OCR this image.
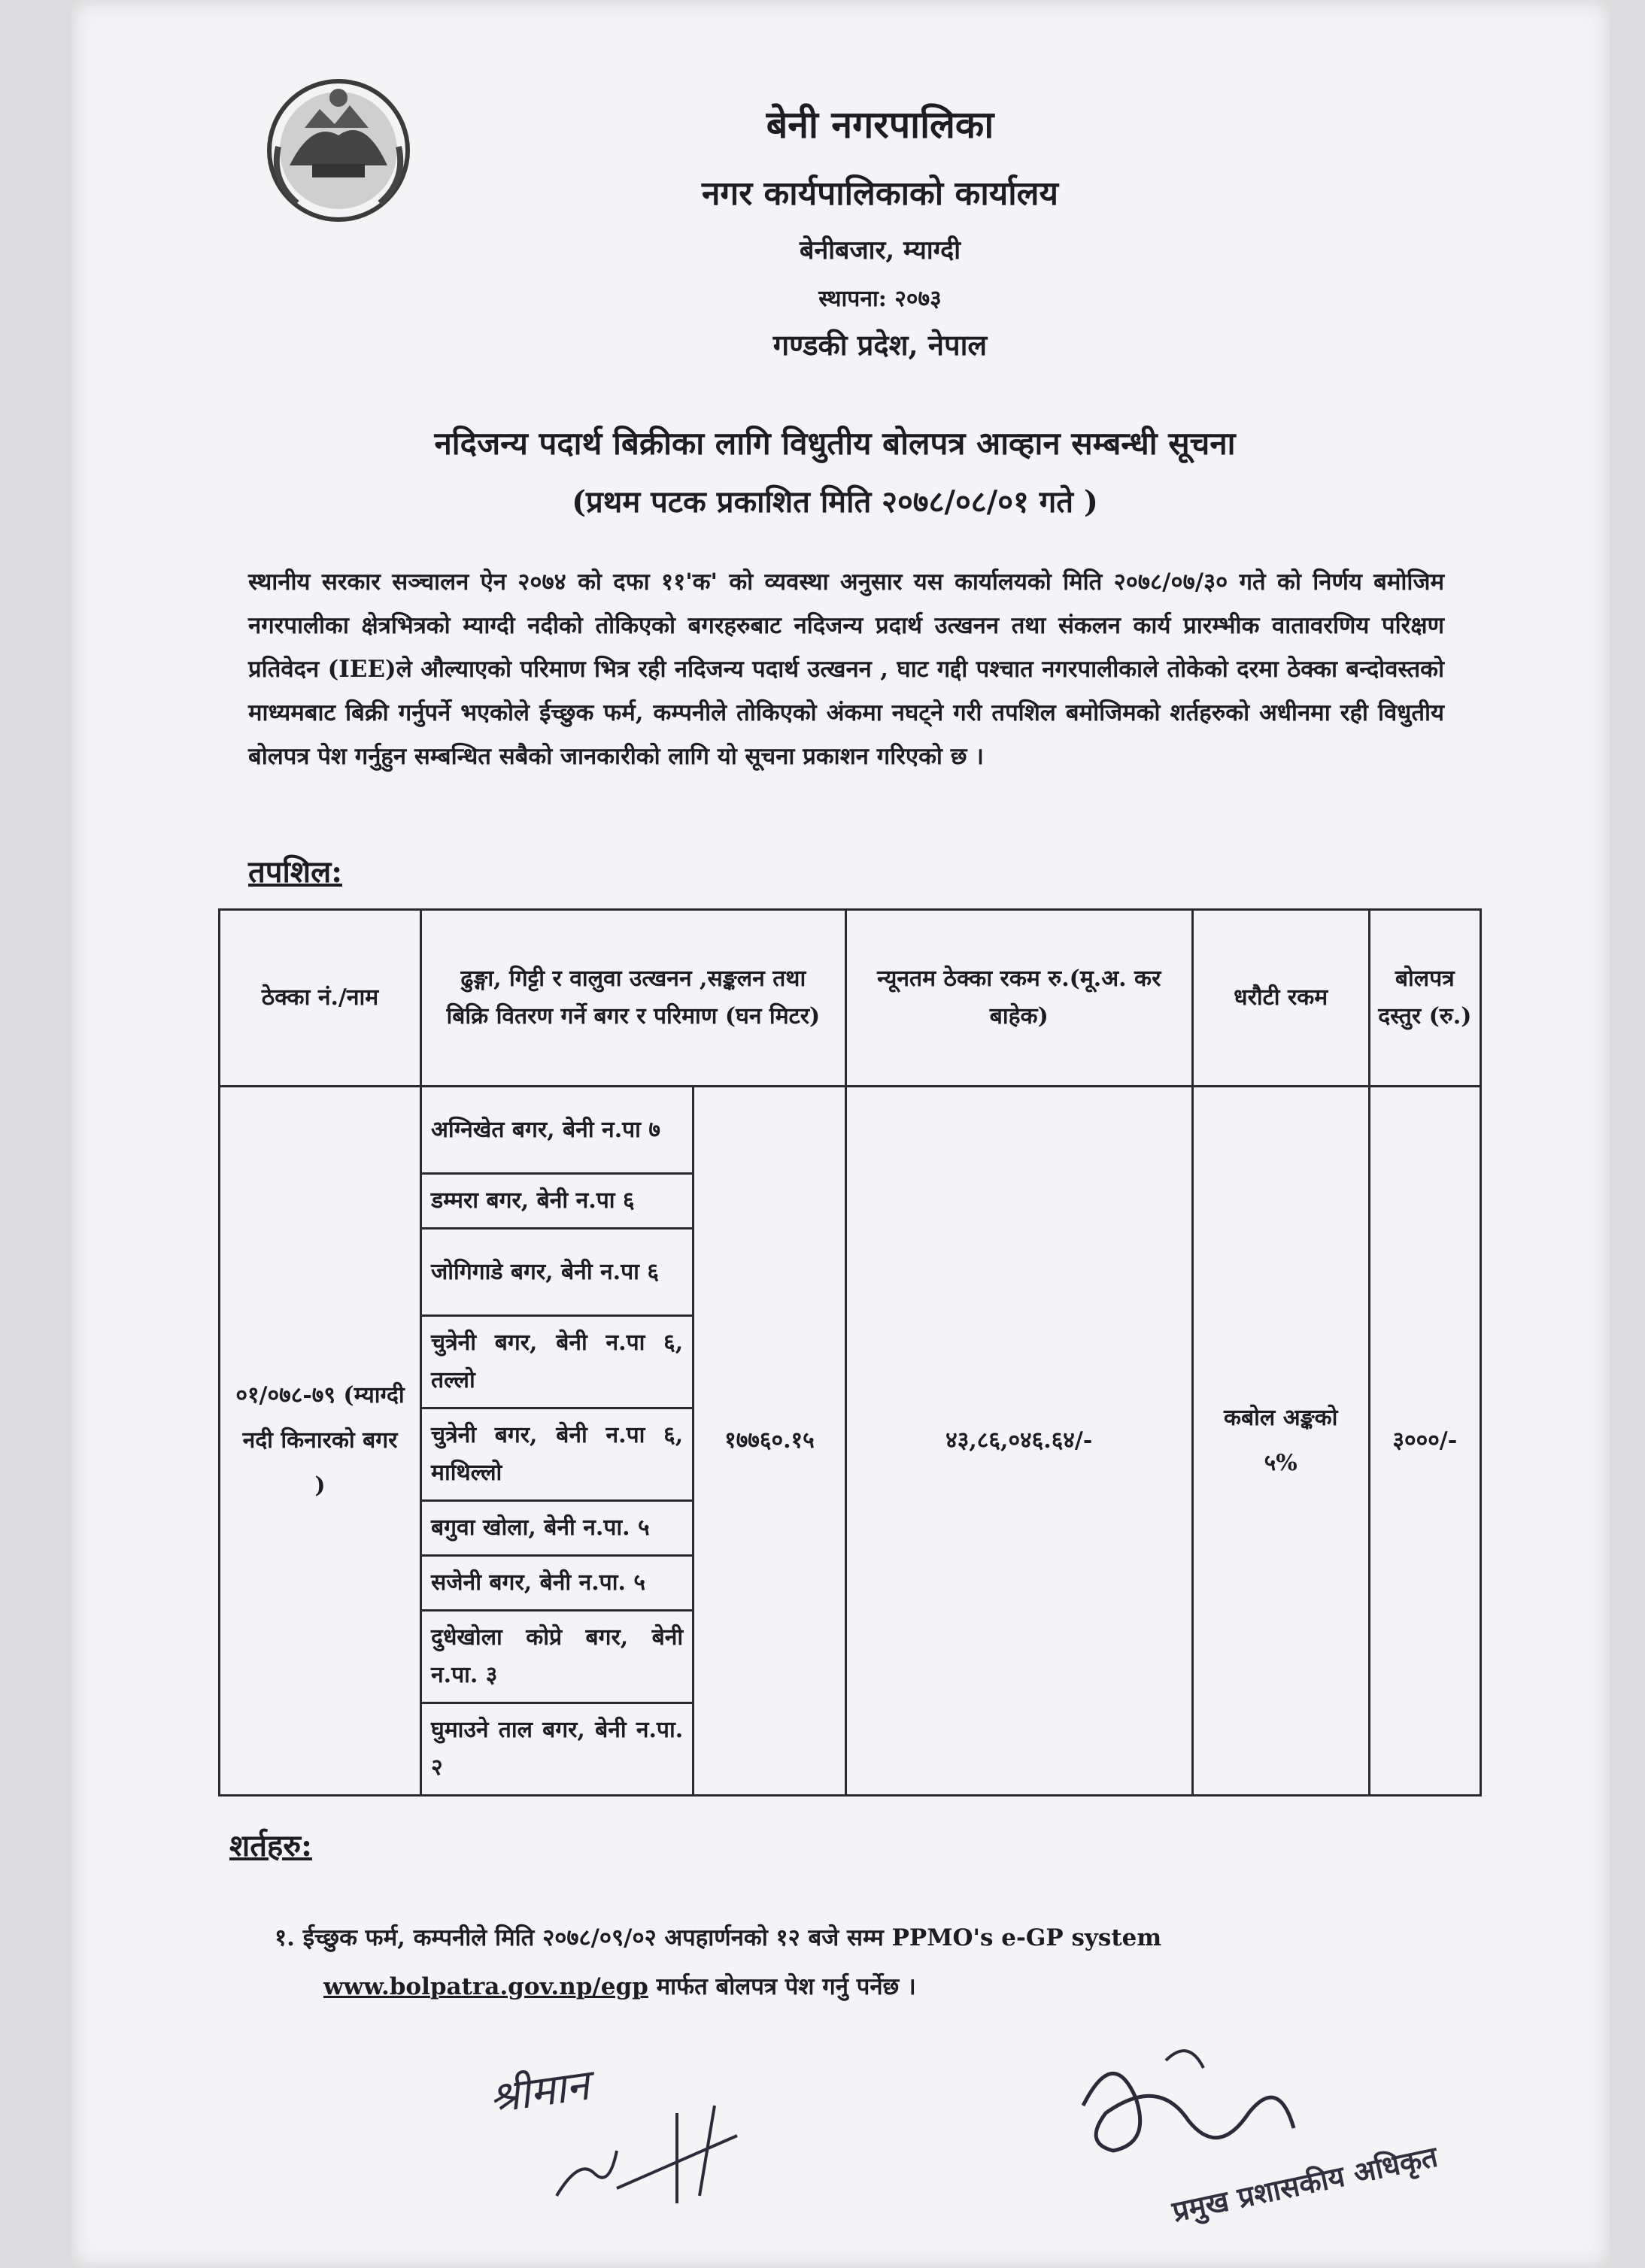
बेनी नगरपालिका
नगर कार्यपालिकाको कार्यालय
बेनीबजार, म्याग्दी
स्थापना: २०७३
गण्डकी प्रदेश, नेपाल
नदिजन्य पदार्थ बिक्रीका लागि विधुतीय बोलपत्र आव्हान सम्बन्धी सूचना
(प्रथम पटक प्रकाशित मिति २०७८/०८/०१ गते )
स्थानीय सरकार सञ्चालन ऐन २०७४ को दफा ११'क' को व्यवस्था अनुसार यस कार्यालयको मिति २०७८/०७/३० गते को निर्णय बमोजिम नगरपालीका क्षेत्रभित्रको म्याग्दी नदीको तोकिएको बगरहरुबाट नदिजन्य प्रदार्थ उत्खनन तथा संकलन कार्य प्रारम्भीक वातावरणिय परिक्षण प्रतिवेदन (IEE)ले औल्याएको परिमाण भित्र रही नदिजन्य पदार्थ उत्खनन , घाट गद्दी पश्चात नगरपालीकाले तोकेको दरमा ठेक्का बन्दोवस्तको माध्यमबाट बिक्री गर्नुपर्ने भएकोले ईच्छुक फर्म, कम्पनीले तोकिएको अंकमा नघट्ने गरी तपशिल बमोजिमको शर्तहरुको अधीनमा रही विधुतीय बोलपत्र पेश गर्नुहुन सम्बन्धित सबैको जानकारीको लागि यो सूचना प्रकाशन गरिएको छ ।
तपशिल:
ठेक्का नं./नाम	ढुङ्गा, गिट्टी र वालुवा उत्खनन ,सङ्कलन तथा बिक्रि वितरण गर्ने बगर र परिमाण (घन मिटर)		न्यूनतम ठेक्का रकम रु.(मू.अ. कर बाहेक)	धरौटी रकम	बोलपत्र दस्तुर (रु.)
०१/०७८-७९ (म्याग्दी नदी किनारको बगर )	अग्निखेत बगर, बेनी न.पा ७	१७७६०.१५	४३,८६,०४६.६४/-	कबोल अङ्कको ५%	३०००/-
	डम्मरा बगर, बेनी न.पा ६				
	जोगिगाडे बगर, बेनी न.पा ६				
	चुत्रेनी बगर, बेनी न.पा ६, तल्लो				
	चुत्रेनी बगर, बेनी न.पा ६, माथिल्लो				
	बगुवा खोला, बेनी न.पा. ५				
	सजेनी बगर, बेनी न.पा. ५				
	दुधेखोला कोप्रे बगर, बेनी न.पा. ३				
	घुमाउने ताल बगर, बेनी न.पा. २				
शर्तहरु:
१. ईच्छुक फर्म, कम्पनीले मिति २०७८/०९/०२ अपहार्णनको १२ बजे सम्म PPMO's e-GP system
www.bolpatra.gov.np/egp मार्फत बोलपत्र पेश गर्नु पर्नेछ ।
श्रीमान
प्रमुख प्रशासकीय अधिकृत
